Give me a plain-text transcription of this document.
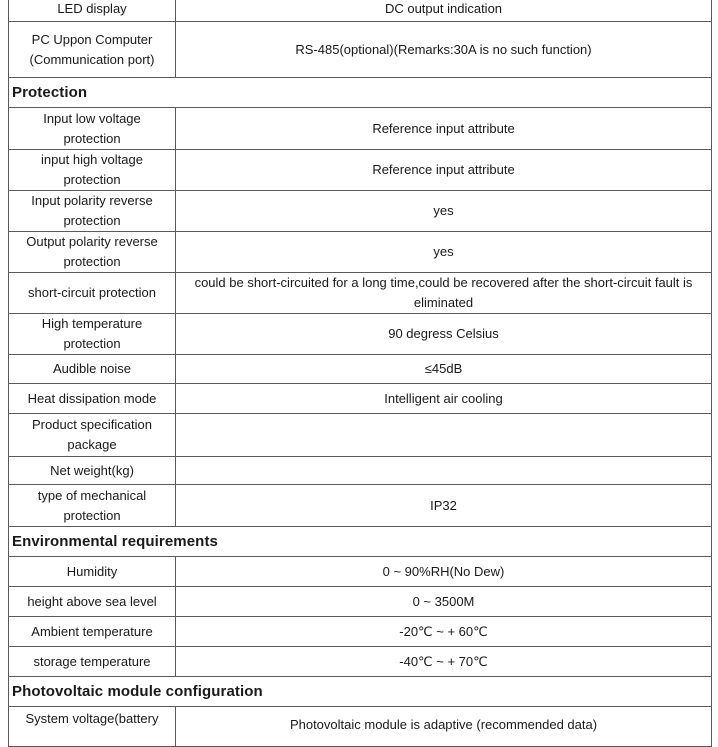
LED display	DC output indication
PC Uppon Computer (Communication port)	RS-485(optional)(Remarks:30A is no such function)
Protection	
Input low voltage protection	Reference input attribute
input high voltage protection	Reference input attribute
Input polarity reverse protection	yes
Output polarity reverse protection	yes
short-circuit protection	could be short-circuited for a long time,could be recovered after the short-circuit fault is eliminated
High temperature protection	90 degress Celsius
Audible noise	≤45dB
Heat dissipation mode	Intelligent air cooling
Product specification package	
Net weight(kg)	
type of mechanical protection	IP32
Environmental requirements	
Humidity	0 ~ 90%RH(No Dew)
height above sea level	0 ~ 3500M
Ambient temperature	-20℃ ~ + 60℃
storage temperature	-40℃ ~ + 70℃
Photovoltaic module configuration	

System voltage(battery	Photovoltaic module is adaptive (recommended data)
